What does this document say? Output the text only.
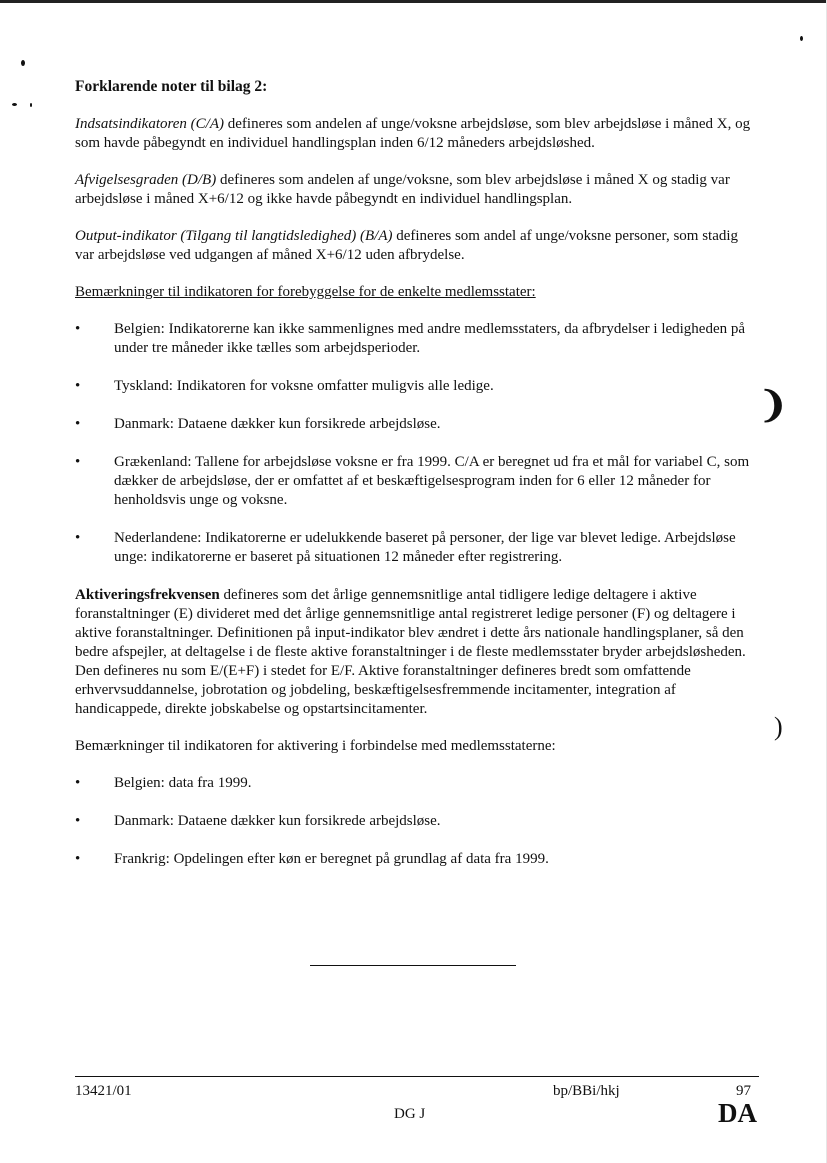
❩
)
Forklarende noter til bilag 2:

Indsatsindikatoren (C/A) defineres som andelen af unge/voksne arbejdsløse, som blev arbejdsløse i måned X, og som havde påbegyndt en individuel handlingsplan inden 6/12 måneders arbejdsløshed.

Afvigelsesgraden (D/B) defineres som andelen af unge/voksne, som blev arbejdsløse i måned X og stadig var arbejdsløse i måned X+6/12 og ikke havde påbegyndt en individuel handlingsplan.

Output-indikator (Tilgang til langtidsledighed) (B/A) defineres som andel af unge/voksne personer, som stadig var arbejdsløse ved udgangen af måned X+6/12 uden afbrydelse.

Bemærkninger til indikatoren for forebyggelse for de enkelte medlemsstater:

• Belgien: Indikatorerne kan ikke sammenlignes med andre medlemsstaters, da afbrydelser i ledigheden på under tre måneder ikke tælles som arbejdsperioder.
• Tyskland: Indikatoren for voksne omfatter muligvis alle ledige.
• Danmark: Dataene dækker kun forsikrede arbejdsløse.
• Grækenland: Tallene for arbejdsløse voksne er fra 1999. C/A er beregnet ud fra et mål for variabel C, som dækker de arbejdsløse, der er omfattet af et beskæftigelsesprogram inden for 6 eller 12 måneder for henholdsvis unge og voksne.
• Nederlandene: Indikatorerne er udelukkende baseret på personer, der lige var blevet ledige. Arbejdsløse unge: indikatorerne er baseret på situationen 12 måneder efter registrering.

Aktiveringsfrekvensen defineres som det årlige gennemsnitlige antal tidligere ledige deltagere i aktive foranstaltninger (E) divideret med det årlige gennemsnitlige antal registreret ledige personer (F) og deltagere i aktive foranstaltninger. Definitionen på input-indikator blev ændret i dette års nationale handlingsplaner, så den bedre afspejler, at deltagelse i de fleste aktive foranstaltninger i de fleste medlemsstater bryder arbejdsløsheden. Den defineres nu som E/(E+F) i stedet for E/F. Aktive foranstaltninger defineres bredt som omfattende erhvervsuddannelse, jobrotation og jobdeling, beskæftigelsesfremmende incitamenter, integration af handicappede, direkte jobskabelse og opstartsincitamenter.

Bemærkninger til indikatoren for aktivering i forbindelse med medlemsstaterne:

• Belgien: data fra 1999.
• Danmark: Dataene dækker kun forsikrede arbejdsløse.
• Frankrig: Opdelingen efter køn er beregnet på grundlag af data fra 1999.
13421/01	bp/BBi/hkj	97
DG J	DA
